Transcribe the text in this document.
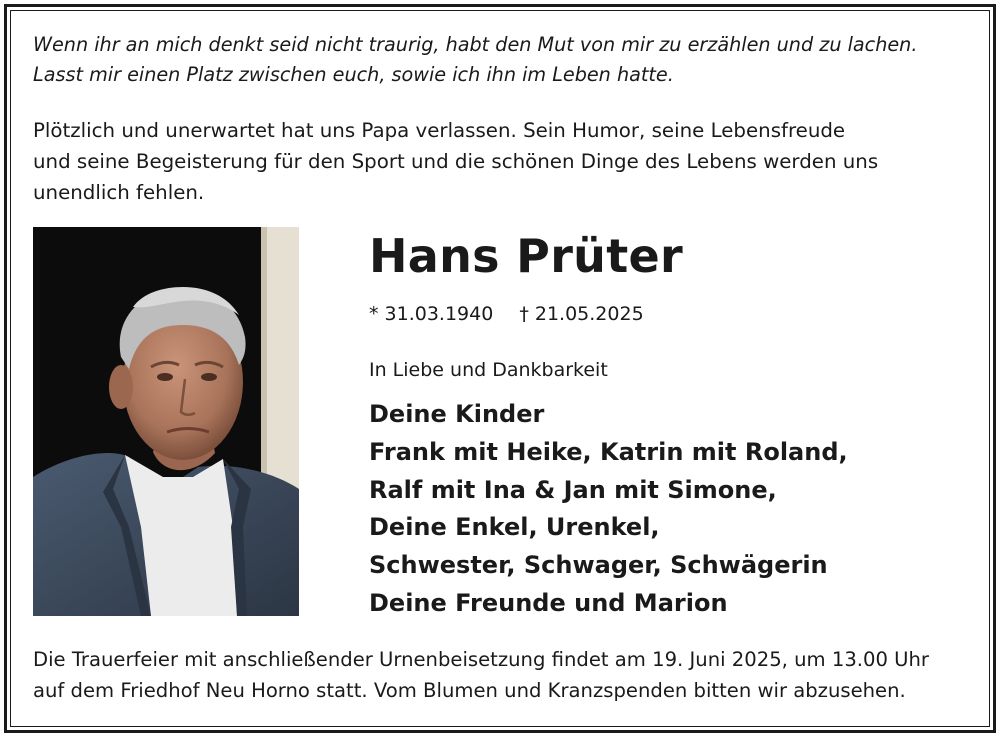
Wenn ihr an mich denkt seid nicht traurig, habt den Mut von mir zu erzählen und zu lachen.
Lasst mir einen Platz zwischen euch, sowie ich ihn im Leben hatte.

Plötzlich und unerwartet hat uns Papa verlassen. Sein Humor, seine Lebensfreude
und seine Begeisterung für den Sport und die schönen Dinge des Lebens werden uns
unendlich fehlen.

Hans Prüter
* 31.03.1940 † 21.05.2025
In Liebe und Dankbarkeit
Deine Kinder
Frank mit Heike, Katrin mit Roland,
Ralf mit Ina & Jan mit Simone,
Deine Enkel, Urenkel,
Schwester, Schwager, Schwägerin
Deine Freunde und Marion

Die Trauerfeier mit anschließender Urnenbeisetzung findet am 19. Juni 2025, um 13.00 Uhr
auf dem Friedhof Neu Horno statt. Vom Blumen und Kranzspenden bitten wir abzusehen.
